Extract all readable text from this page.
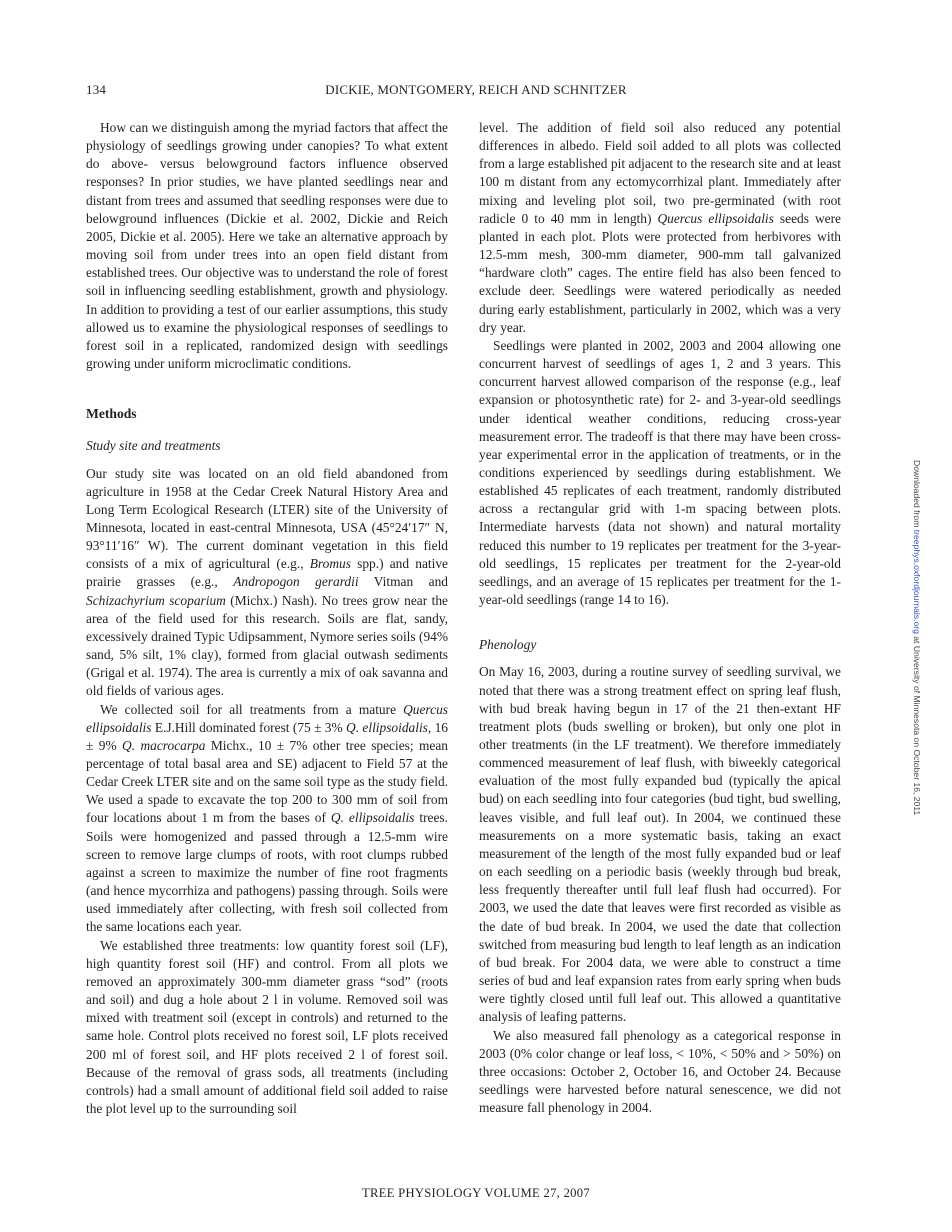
134	DICKIE, MONTGOMERY, REICH AND SCHNITZER

How can we distinguish among the myriad factors that affect the physiology of seedlings growing under canopies? To what extent do above- versus belowground factors influence observed responses? In prior studies, we have planted seedlings near and distant from trees and assumed that seedling responses were due to belowground influences (Dickie et al. 2002, Dickie and Reich 2005, Dickie et al. 2005). Here we take an alternative approach by moving soil from under trees into an open field distant from established trees. Our objective was to understand the role of forest soil in influencing seedling establishment, growth and physiology. In addition to providing a test of our earlier assumptions, this study allowed us to examine the physiological responses of seedlings to forest soil in a replicated, randomized design with seedlings growing under uniform microclimatic conditions.

Methods
Study site and treatments

Our study site was located on an old field abandoned from agriculture in 1958 at the Cedar Creek Natural History Area and Long Term Ecological Research (LTER) site of the University of Minnesota, located in east-central Minnesota, USA (45°24′17″ N, 93°11′16″ W). The current dominant vegetation in this field consists of a mix of agricultural (e.g., Bromus spp.) and native prairie grasses (e.g., Andropogon gerardii Vitman and Schizachyrium scoparium (Michx.) Nash). No trees grow near the area of the field used for this research. Soils are flat, sandy, excessively drained Typic Udipsamment, Nymore series soils (94% sand, 5% silt, 1% clay), formed from glacial outwash sediments (Grigal et al. 1974). The area is currently a mix of oak savanna and old fields of various ages.

We collected soil for all treatments from a mature Quercus ellipsoidalis E.J.Hill dominated forest (75 ± 3% Q. ellipsoidalis, 16 ± 9% Q. macrocarpa Michx., 10 ± 7% other tree species; mean percentage of total basal area and SE) adjacent to Field 57 at the Cedar Creek LTER site and on the same soil type as the study field. We used a spade to excavate the top 200 to 300 mm of soil from four locations about 1 m from the bases of Q. ellipsoidalis trees. Soils were homogenized and passed through a 12.5-mm wire screen to remove large clumps of roots, with root clumps rubbed against a screen to maximize the number of fine root fragments (and hence mycorrhiza and pathogens) passing through. Soils were used immediately after collecting, with fresh soil collected from the same locations each year.

We established three treatments: low quantity forest soil (LF), high quantity forest soil (HF) and control. From all plots we removed an approximately 300-mm diameter grass “sod” (roots and soil) and dug a hole about 2 l in volume. Removed soil was mixed with treatment soil (except in controls) and returned to the same hole. Control plots received no forest soil, LF plots received 200 ml of forest soil, and HF plots received 2 l of forest soil. Because of the removal of grass sods, all treatments (including controls) had a small amount of additional field soil added to raise the plot level up to the surrounding soil

level. The addition of field soil also reduced any potential differences in albedo. Field soil added to all plots was collected from a large established pit adjacent to the research site and at least 100 m distant from any ectomycorrhizal plant. Immediately after mixing and leveling plot soil, two pre-germinated (with root radicle 0 to 40 mm in length) Quercus ellipsoidalis seeds were planted in each plot. Plots were protected from herbivores with 12.5-mm mesh, 300-mm diameter, 900-mm tall galvanized “hardware cloth” cages. The entire field has also been fenced to exclude deer. Seedlings were watered periodically as needed during early establishment, particularly in 2002, which was a very dry year.

Seedlings were planted in 2002, 2003 and 2004 allowing one concurrent harvest of seedlings of ages 1, 2 and 3 years. This concurrent harvest allowed comparison of the response (e.g., leaf expansion or photosynthetic rate) for 2- and 3-year-old seedlings under identical weather conditions, reducing cross-year measurement error. The tradeoff is that there may have been cross-year experimental error in the application of treatments, or in the conditions experienced by seedlings during establishment. We established 45 replicates of each treatment, randomly distributed across a rectangular grid with 1-m spacing between plots. Intermediate harvests (data not shown) and natural mortality reduced this number to 19 replicates per treatment for the 3-year-old seedlings, 15 replicates per treatment for the 2-year-old seedlings, and an average of 15 replicates per treatment for the 1-year-old seedlings (range 14 to 16).

Phenology

On May 16, 2003, during a routine survey of seedling survival, we noted that there was a strong treatment effect on spring leaf flush, with bud break having begun in 17 of the 21 then-extant HF treatment plots (buds swelling or broken), but only one plot in other treatments (in the LF treatment). We therefore immediately commenced measurement of leaf flush, with biweekly categorical evaluation of the most fully expanded bud (typically the apical bud) on each seedling into four categories (bud tight, bud swelling, leaves visible, and full leaf out). In 2004, we continued these measurements on a more systematic basis, taking an exact measurement of the length of the most fully expanded bud or leaf on each seedling on a periodic basis (weekly through bud break, less frequently thereafter until full leaf flush had occurred). For 2003, we used the date that leaves were first recorded as visible as the date of bud break. In 2004, we used the date that collection switched from measuring bud length to leaf length as an indication of bud break. For 2004 data, we were able to construct a time series of bud and leaf expansion rates from early spring when buds were tightly closed until full leaf out. This allowed a quantitative analysis of leafing patterns.

We also measured fall phenology as a categorical response in 2003 (0% color change or leaf loss, < 10%, < 50% and > 50%) on three occasions: October 2, October 16, and October 24. Because seedlings were harvested before natural senescence, we did not measure fall phenology in 2004.

Downloaded from treephys.oxfordjournals.org at University of Minnesota on October 16, 2011
TREE PHYSIOLOGY VOLUME 27, 2007
